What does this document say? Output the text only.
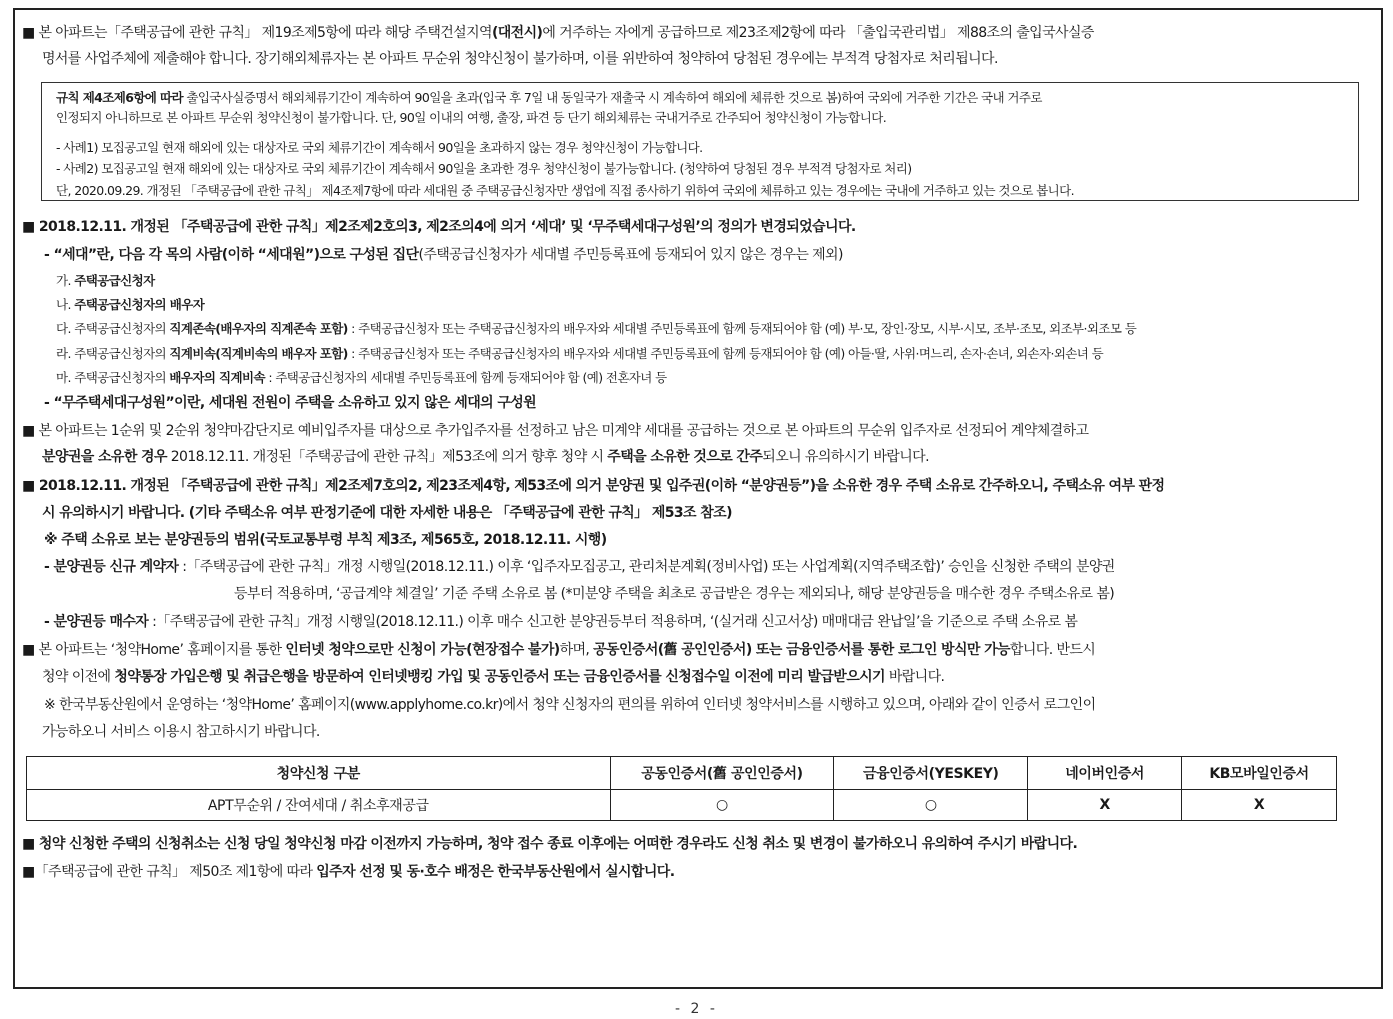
■ 본 아파트는「주택공급에 관한 규칙」 제19조제5항에 따라 해당 주택건설지역(대전시)에 거주하는 자에게 공급하므로 제23조제2항에 따라 「출입국관리법」 제88조의 출입국사실증
명서를 사업주체에 제출해야 합니다. 장기해외체류자는 본 아파트 무순위 청약신청이 불가하며, 이를 위반하여 청약하여 당첨된 경우에는 부적격 당첨자로 처리됩니다.
규칙 제4조제6항에 따라 출입국사실증명서 해외체류기간이 계속하여 90일을 초과(입국 후 7일 내 동일국가 재출국 시 계속하여 해외에 체류한 것으로 봄)하여 국외에 거주한 기간은 국내 거주로
인정되지 아니하므로 본 아파트 무순위 청약신청이 불가합니다. 단, 90일 이내의 여행, 출장, 파견 등 단기 해외체류는 국내거주로 간주되어 청약신청이 가능합니다.
- 사례1) 모집공고일 현재 해외에 있는 대상자로 국외 체류기간이 계속해서 90일을 초과하지 않는 경우 청약신청이 가능합니다.
- 사례2) 모집공고일 현재 해외에 있는 대상자로 국외 체류기간이 계속해서 90일을 초과한 경우 청약신청이 불가능합니다. (청약하여 당첨된 경우 부적격 당첨자로 처리)
단, 2020.09.29. 개정된 「주택공급에 관한 규칙」 제4조제7항에 따라 세대원 중 주택공급신청자만 생업에 직접 종사하기 위하여 국외에 체류하고 있는 경우에는 국내에 거주하고 있는 것으로 봅니다.
■ 2018.12.11. 개정된 「주택공급에 관한 규칙」제2조제2호의3, 제2조의4에 의거 ‘세대’ 및 ‘무주택세대구성원’의 정의가 변경되었습니다.
- “세대”란, 다음 각 목의 사람(이하 “세대원”)으로 구성된 집단(주택공급신청자가 세대별 주민등록표에 등재되어 있지 않은 경우는 제외)
가. 주택공급신청자
나. 주택공급신청자의 배우자
다. 주택공급신청자의 직계존속(배우자의 직계존속 포함) : 주택공급신청자 또는 주택공급신청자의 배우자와 세대별 주민등록표에 함께 등재되어야 함 (예) 부·모, 장인·장모, 시부·시모, 조부·조모, 외조부·외조모 등
라. 주택공급신청자의 직계비속(직계비속의 배우자 포함) : 주택공급신청자 또는 주택공급신청자의 배우자와 세대별 주민등록표에 함께 등재되어야 함 (예) 아들·딸, 사위·며느리, 손자·손녀, 외손자·외손녀 등
마. 주택공급신청자의 배우자의 직계비속 : 주택공급신청자의 세대별 주민등록표에 함께 등재되어야 함 (예) 전혼자녀 등
- “무주택세대구성원”이란, 세대원 전원이 주택을 소유하고 있지 않은 세대의 구성원
■ 본 아파트는 1순위 및 2순위 청약마감단지로 예비입주자를 대상으로 추가입주자를 선정하고 남은 미계약 세대를 공급하는 것으로 본 아파트의 무순위 입주자로 선정되어 계약체결하고
분양권을 소유한 경우 2018.12.11. 개정된「주택공급에 관한 규칙」제53조에 의거 향후 청약 시 주택을 소유한 것으로 간주되오니 유의하시기 바랍니다.
■ 2018.12.11. 개정된 「주택공급에 관한 규칙」제2조제7호의2, 제23조제4항, 제53조에 의거 분양권 및 입주권(이하 “분양권등”)을 소유한 경우 주택 소유로 간주하오니, 주택소유 여부 판정
시 유의하시기 바랍니다. (기타 주택소유 여부 판정기준에 대한 자세한 내용은 「주택공급에 관한 규칙」 제53조 참조)
※ 주택 소유로 보는 분양권등의 범위(국토교통부령 부칙 제3조, 제565호, 2018.12.11. 시행)
- 분양권등 신규 계약자 :「주택공급에 관한 규칙」개정 시행일(2018.12.11.) 이후 ‘입주자모집공고, 관리처분계획(정비사업) 또는 사업계획(지역주택조합)’ 승인을 신청한 주택의 분양권
등부터 적용하며, ‘공급계약 체결일’ 기준 주택 소유로 봄 (*미분양 주택을 최초로 공급받은 경우는 제외되나, 해당 분양권등을 매수한 경우 주택소유로 봄)
- 분양권등 매수자 :「주택공급에 관한 규칙」개정 시행일(2018.12.11.) 이후 매수 신고한 분양권등부터 적용하며, ‘(실거래 신고서상) 매매대금 완납일’을 기준으로 주택 소유로 봄
■ 본 아파트는 ‘청약Home’ 홈페이지를 통한 인터넷 청약으로만 신청이 가능(현장접수 불가)하며, 공동인증서(舊 공인인증서) 또는 금융인증서를 통한 로그인 방식만 가능합니다. 반드시
청약 이전에 청약통장 가입은행 및 취급은행을 방문하여 인터넷뱅킹 가입 및 공동인증서 또는 금융인증서를 신청접수일 이전에 미리 발급받으시기 바랍니다.
※ 한국부동산원에서 운영하는 ‘청약Home’ 홈페이지(www.applyhome.co.kr)에서 청약 신청자의 편의를 위하여 인터넷 청약서비스를 시행하고 있으며, 아래와 같이 인증서 로그인이
가능하오니 서비스 이용시 참고하시기 바랍니다.
청약신청 구분	공동인증서(舊 공인인증서)	금융인증서(YESKEY)	네이버인증서	KB모바일인증서
APT무순위 / 잔여세대 / 취소후재공급	○	○	X	X
■ 청약 신청한 주택의 신청취소는 신청 당일 청약신청 마감 이전까지 가능하며, 청약 접수 종료 이후에는 어떠한 경우라도 신청 취소 및 변경이 불가하오니 유의하여 주시기 바랍니다.
■「주택공급에 관한 규칙」 제50조 제1항에 따라 입주자 선정 및 동·호수 배정은 한국부동산원에서 실시합니다.
- 2 -
